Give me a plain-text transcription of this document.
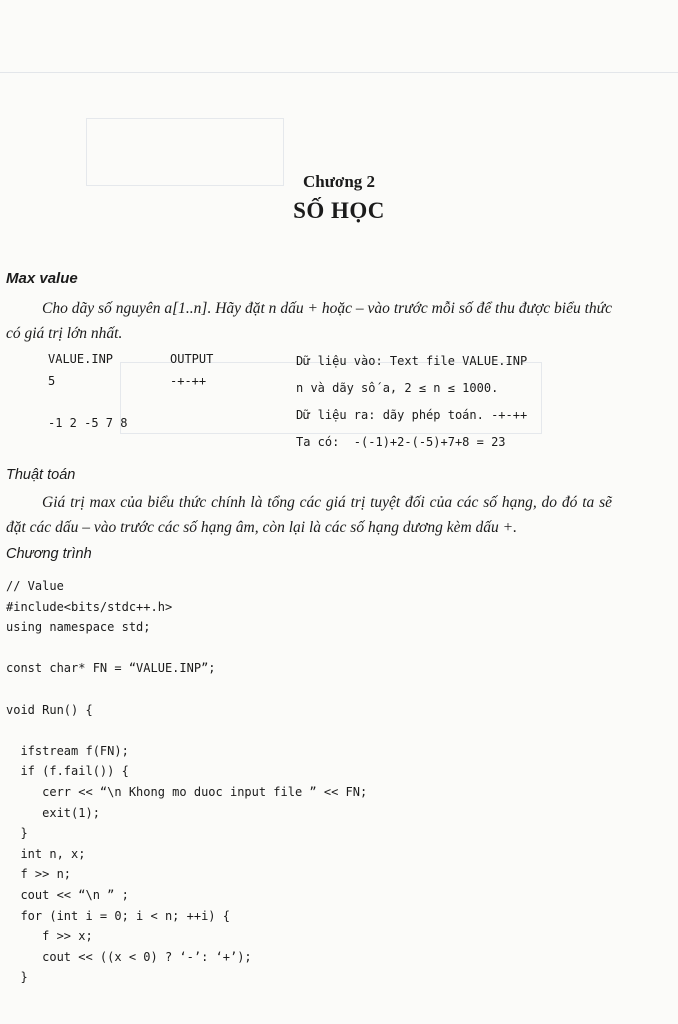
Chương 2
SỐ HỌC
Max value
Cho dãy số nguyên a[1..n]. Hãy đặt n dấu + hoặc – vào trước mỗi số để thu được biểu thức có giá trị lớn nhất.
VALUE.INP	OUTPUT
5	-+-++
-1 2 -5 7 8
Dữ liệu vào: Text file VALUE.INP
n và dãy số a, 2 ≤ n ≤ 1000.
Dữ liệu ra: dãy phép toán. -+-++
Ta có:  -(-1)+2-(-5)+7+8 = 23
Thuật toán
Giá trị max của biểu thức chính là tổng các giá trị tuyệt đối của các số hạng, do đó ta sẽ đặt các dấu – vào trước các số hạng âm, còn lại là các số hạng dương kèm dấu +.
Chương trình
// Value
#include<bits/stdc++.h>
using namespace std;
const char* FN = “VALUE.INP”;
void Run() {
ifstream f(FN);
if (f.fail()) {
cerr << “\n Khong mo duoc input file ” << FN;
exit(1);
}
int n, x;
f >> n;
cout << “\n ” ;
for (int i = 0; i < n; ++i) {
f >> x;
cout << ((x < 0) ? ‘-’: ‘+’);
}
